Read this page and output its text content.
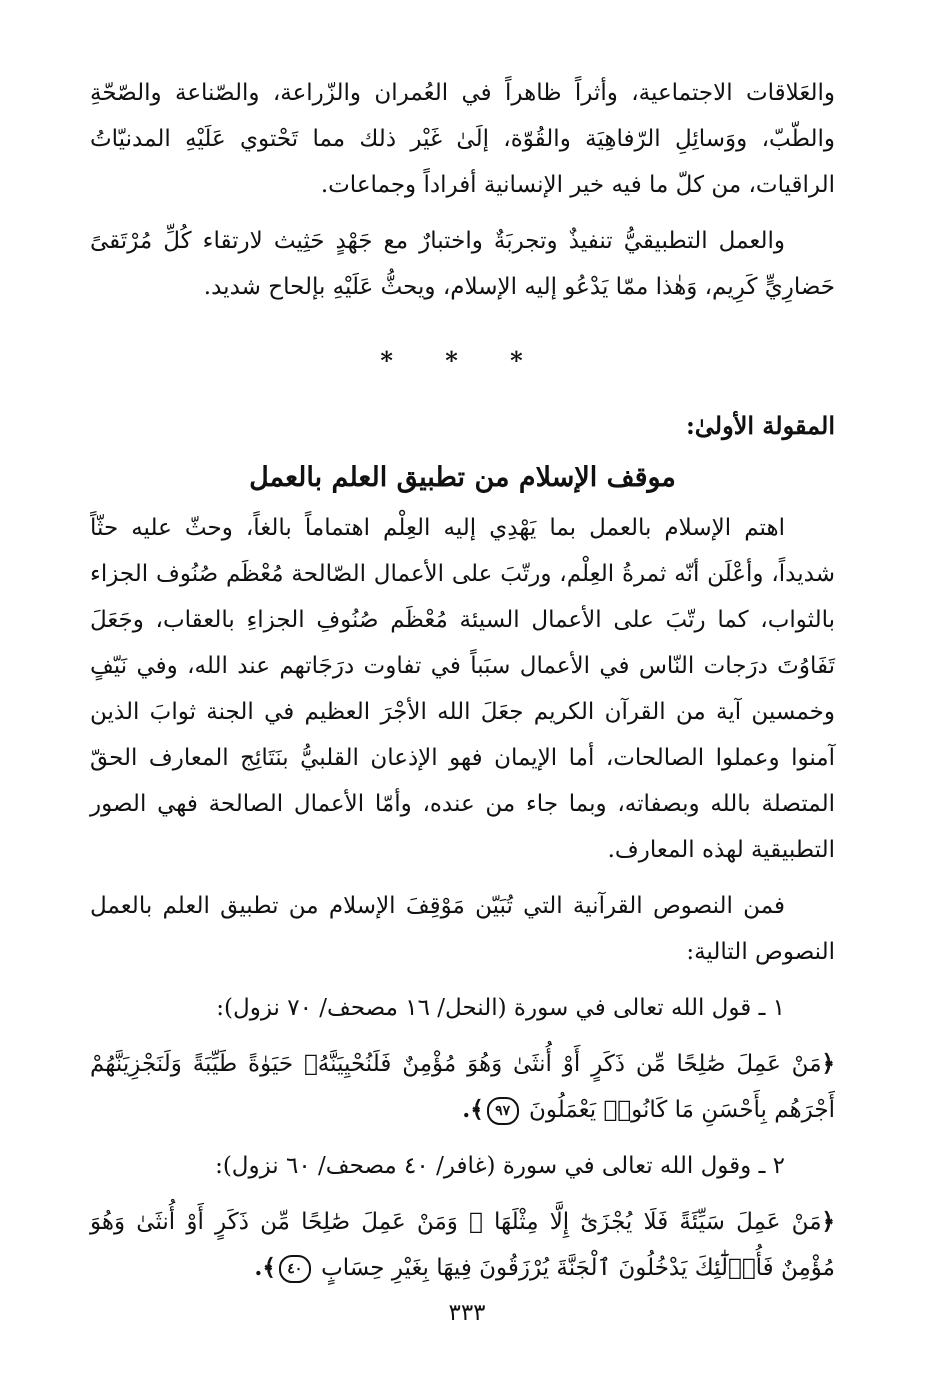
والعَلاقات الاجتماعية، وأثراً ظاهراً في العُمران والزّراعة، والصّناعة والصّحّةِ والطّبّ، ووَسائِلِ الرّفاهِيَة والقُوّة، إلَىٰ غَيْر ذلك مما تَحْتوي عَلَيْهِ المدنيّاتُ الراقيات، من كلّ ما فيه خير الإنسانية أفراداً وجماعات.

والعمل التطبيقيُّ تنفيذٌ وتجربَةٌ واختبارٌ مع جَهْدٍ حَثِيث لارتقاء كُلِّ مُرْتَقىً حَضارِيٍّ كَرِيم، وَهٰذا ممّا يَدْعُو إليه الإسلام، ويحثُّ عَلَيْهِ بإلحاح شديد.

* * *
المقولة الأولىٰ:
موقف الإسلام من تطبيق العلم بالعمل

اهتم الإسلام بالعمل بما يَهْدِي إليه العِلْم اهتماماً بالغاً، وحثّ عليه حثّاً شديداً، وأعْلَن أنّه ثمرةُ العِلْم، ورتّبَ على الأعمال الصّالحة مُعْظَم صُنُوف الجزاء بالثواب، كما رتّبَ على الأعمال السيئة مُعْظَم صُنُوفِ الجزاءِ بالعقاب، وجَعَلَ تَفَاوُتَ درَجات النّاس في الأعمال سبَباً في تفاوت درَجَاتهم عند الله، وفي نَيّفٍ وخمسين آية من القرآن الكريم جعَلَ الله الأجْرَ العظيم في الجنة ثوابَ الذين آمنوا وعملوا الصالحات، أما الإيمان فهو الإذعان القلبيُّ بنَتَائِج المعارف الحقّ المتصلة بالله وبصفاته، وبما جاء من عنده، وأمّا الأعمال الصالحة فهي الصور التطبيقية لهذه المعارف.

فمن النصوص القرآنية التي تُبَيّن مَوْقِفَ الإسلام من تطبيق العلم بالعمل النصوص التالية:

١ ـ قول الله تعالى في سورة (النحل/ ١٦ مصحف/ ٧٠ نزول):

﴿مَنْ عَمِلَ صَٰلِحًا مِّن ذَكَرٍ أَوْ أُنثَىٰ وَهُوَ مُؤْمِنٌ فَلَنُحْيِيَنَّهُۥ حَيَوٰةً طَيِّبَةً وَلَنَجْزِيَنَّهُمْ أَجْرَهُم بِأَحْسَنِ مَا كَانُوا۟ يَعْمَلُونَ ٩٧﴾.

٢ ـ وقول الله تعالى في سورة (غافر/ ٤٠ مصحف/ ٦٠ نزول):

﴿مَنْ عَمِلَ سَيِّئَةً فَلَا يُجْزَىٰٓ إِلَّا مِثْلَهَا ۖ وَمَنْ عَمِلَ صَٰلِحًا مِّن ذَكَرٍ أَوْ أُنثَىٰ وَهُوَ مُؤْمِنٌ فَأُو۟لَٰٓئِكَ يَدْخُلُونَ ٱلْجَنَّةَ يُرْزَقُونَ فِيهَا بِغَيْرِ حِسَابٍ ٤٠﴾.

٣٣٣
